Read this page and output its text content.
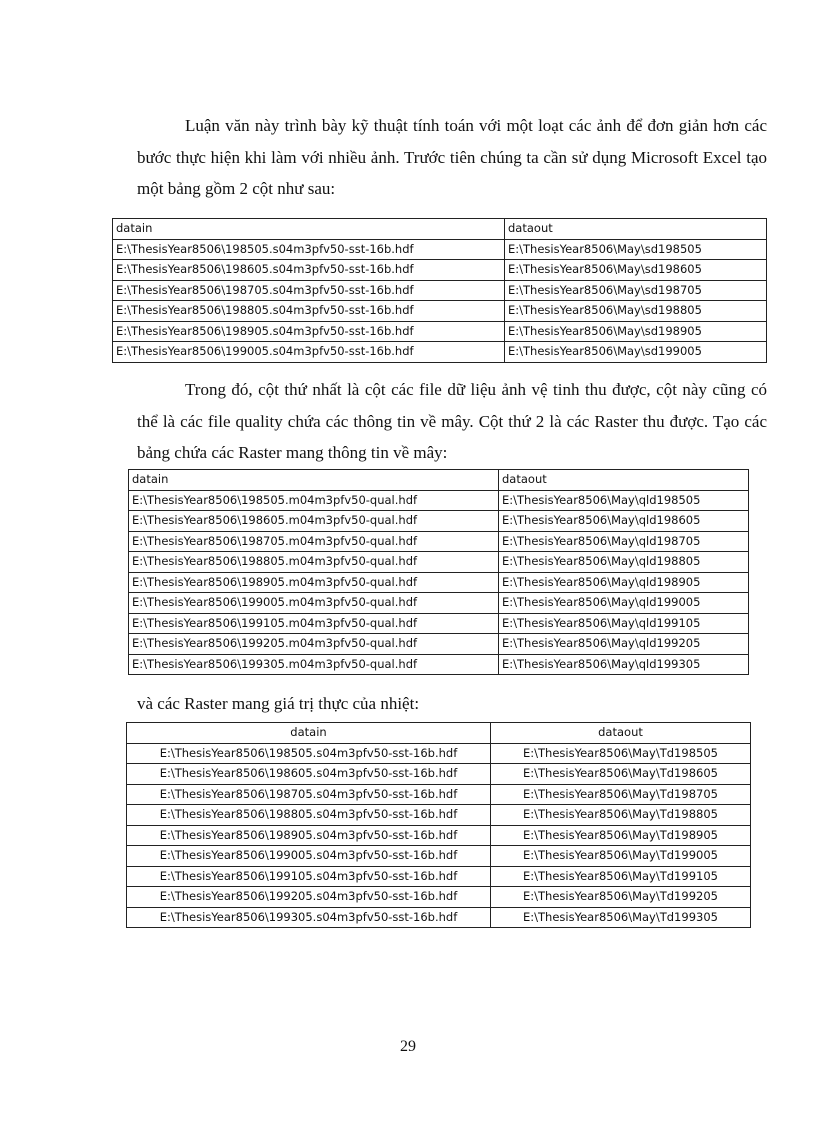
Luận văn này trình bày kỹ thuật tính toán với một loạt các ảnh để đơn giản hơn các bước thực hiện khi làm với nhiều ảnh. Trước tiên chúng ta cần sử dụng Microsoft Excel tạo một bảng gồm 2 cột như sau:

datain	dataout
E:\ThesisYear8506\198505.s04m3pfv50-sst-16b.hdf	E:\ThesisYear8506\May\sd198505
E:\ThesisYear8506\198605.s04m3pfv50-sst-16b.hdf	E:\ThesisYear8506\May\sd198605
E:\ThesisYear8506\198705.s04m3pfv50-sst-16b.hdf	E:\ThesisYear8506\May\sd198705
E:\ThesisYear8506\198805.s04m3pfv50-sst-16b.hdf	E:\ThesisYear8506\May\sd198805
E:\ThesisYear8506\198905.s04m3pfv50-sst-16b.hdf	E:\ThesisYear8506\May\sd198905
E:\ThesisYear8506\199005.s04m3pfv50-sst-16b.hdf	E:\ThesisYear8506\May\sd199005

Trong đó, cột thứ nhất là cột các file dữ liệu ảnh vệ tinh thu được, cột này cũng có thể là các file quality chứa các thông tin về mây. Cột thứ 2 là các Raster thu được. Tạo các bảng chứa các Raster mang thông tin về mây:

datain	dataout
E:\ThesisYear8506\198505.m04m3pfv50-qual.hdf	E:\ThesisYear8506\May\qld198505
E:\ThesisYear8506\198605.m04m3pfv50-qual.hdf	E:\ThesisYear8506\May\qld198605
E:\ThesisYear8506\198705.m04m3pfv50-qual.hdf	E:\ThesisYear8506\May\qld198705
E:\ThesisYear8506\198805.m04m3pfv50-qual.hdf	E:\ThesisYear8506\May\qld198805
E:\ThesisYear8506\198905.m04m3pfv50-qual.hdf	E:\ThesisYear8506\May\qld198905
E:\ThesisYear8506\199005.m04m3pfv50-qual.hdf	E:\ThesisYear8506\May\qld199005
E:\ThesisYear8506\199105.m04m3pfv50-qual.hdf	E:\ThesisYear8506\May\qld199105
E:\ThesisYear8506\199205.m04m3pfv50-qual.hdf	E:\ThesisYear8506\May\qld199205
E:\ThesisYear8506\199305.m04m3pfv50-qual.hdf	E:\ThesisYear8506\May\qld199305

và các Raster mang giá trị thực của nhiệt:

datain	dataout
E:\ThesisYear8506\198505.s04m3pfv50-sst-16b.hdf	E:\ThesisYear8506\May\Td198505
E:\ThesisYear8506\198605.s04m3pfv50-sst-16b.hdf	E:\ThesisYear8506\May\Td198605
E:\ThesisYear8506\198705.s04m3pfv50-sst-16b.hdf	E:\ThesisYear8506\May\Td198705
E:\ThesisYear8506\198805.s04m3pfv50-sst-16b.hdf	E:\ThesisYear8506\May\Td198805
E:\ThesisYear8506\198905.s04m3pfv50-sst-16b.hdf	E:\ThesisYear8506\May\Td198905
E:\ThesisYear8506\199005.s04m3pfv50-sst-16b.hdf	E:\ThesisYear8506\May\Td199005
E:\ThesisYear8506\199105.s04m3pfv50-sst-16b.hdf	E:\ThesisYear8506\May\Td199105
E:\ThesisYear8506\199205.s04m3pfv50-sst-16b.hdf	E:\ThesisYear8506\May\Td199205
E:\ThesisYear8506\199305.s04m3pfv50-sst-16b.hdf	E:\ThesisYear8506\May\Td199305
29
